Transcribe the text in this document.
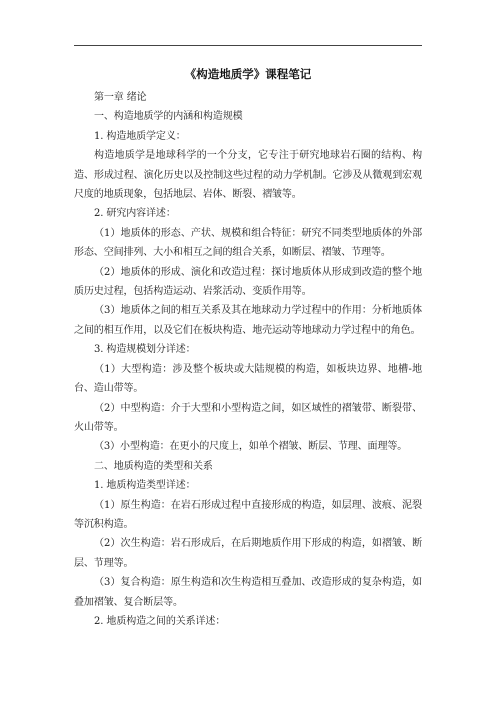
《构造地质学》课程笔记

第一章 绪论

一、构造地质学的内涵和构造规模

1. 构造地质学定义：

构造地质学是地球科学的一个分支，它专注于研究地球岩石圈的结构、构造、形成过程、演化历史以及控制这些过程的动力学机制。它涉及从微观到宏观尺度的地质现象，包括地层、岩体、断裂、褶皱等。

2. 研究内容详述：

（1）地质体的形态、产状、规模和组合特征：研究不同类型地质体的外部形态、空间排列、大小和相互之间的组合关系，如断层、褶皱、节理等。

（2）地质体的形成、演化和改造过程：探讨地质体从形成到改造的整个地质历史过程，包括构造运动、岩浆活动、变质作用等。

（3）地质体之间的相互关系及其在地球动力学过程中的作用：分析地质体之间的相互作用，以及它们在板块构造、地壳运动等地球动力学过程中的角色。

3. 构造规模划分详述：

（1）大型构造：涉及整个板块或大陆规模的构造，如板块边界、地槽-地台、造山带等。

（2）中型构造：介于大型和小型构造之间，如区域性的褶皱带、断裂带、火山带等。

（3）小型构造：在更小的尺度上，如单个褶皱、断层、节理、面理等。

二、地质构造的类型和关系

1. 地质构造类型详述：

（1）原生构造：在岩石形成过程中直接形成的构造，如层理、波痕、泥裂等沉积构造。

（2）次生构造：岩石形成后，在后期地质作用下形成的构造，如褶皱、断层、节理等。

（3）复合构造：原生构造和次生构造相互叠加、改造形成的复杂构造，如叠加褶皱、复合断层等。

2. 地质构造之间的关系详述：
